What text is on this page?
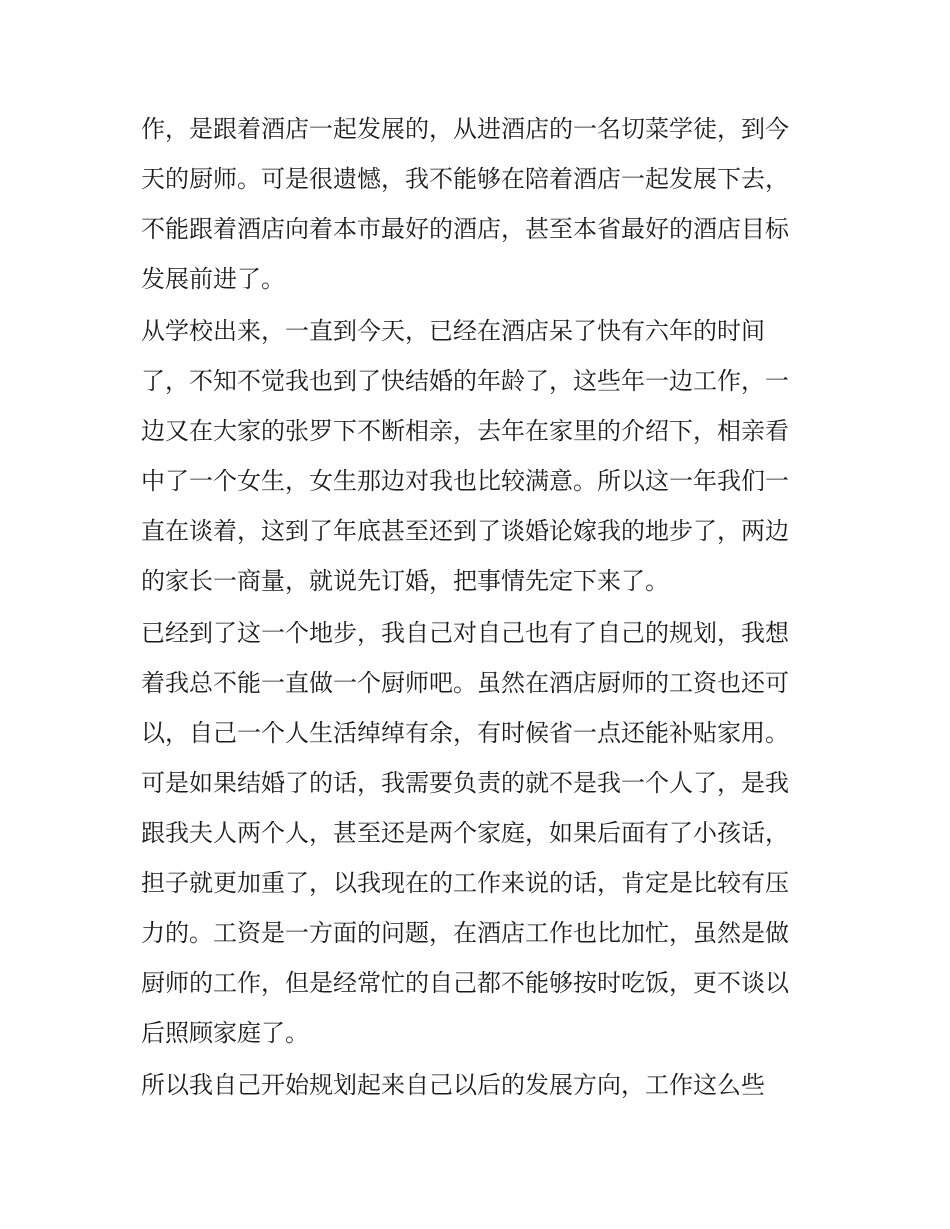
作，是跟着酒店一起发展的，从进酒店的一名切菜学徒，到今
天的厨师。可是很遗憾，我不能够在陪着酒店一起发展下去，
不能跟着酒店向着本市最好的酒店，甚至本省最好的酒店目标
发展前进了。
从学校出来，一直到今天，已经在酒店呆了快有六年的时间
了，不知不觉我也到了快结婚的年龄了，这些年一边工作，一
边又在大家的张罗下不断相亲，去年在家里的介绍下，相亲看
中了一个女生，女生那边对我也比较满意。所以这一年我们一
直在谈着，这到了年底甚至还到了谈婚论嫁我的地步了，两边
的家长一商量，就说先订婚，把事情先定下来了。
已经到了这一个地步，我自己对自己也有了自己的规划，我想
着我总不能一直做一个厨师吧。虽然在酒店厨师的工资也还可
以，自己一个人生活绰绰有余，有时候省一点还能补贴家用。
可是如果结婚了的话，我需要负责的就不是我一个人了，是我
跟我夫人两个人，甚至还是两个家庭，如果后面有了小孩话，
担子就更加重了，以我现在的工作来说的话，肯定是比较有压
力的。工资是一方面的问题，在酒店工作也比加忙，虽然是做
厨师的工作，但是经常忙的自己都不能够按时吃饭，更不谈以
后照顾家庭了。
所以我自己开始规划起来自己以后的发展方向，工作这么些
